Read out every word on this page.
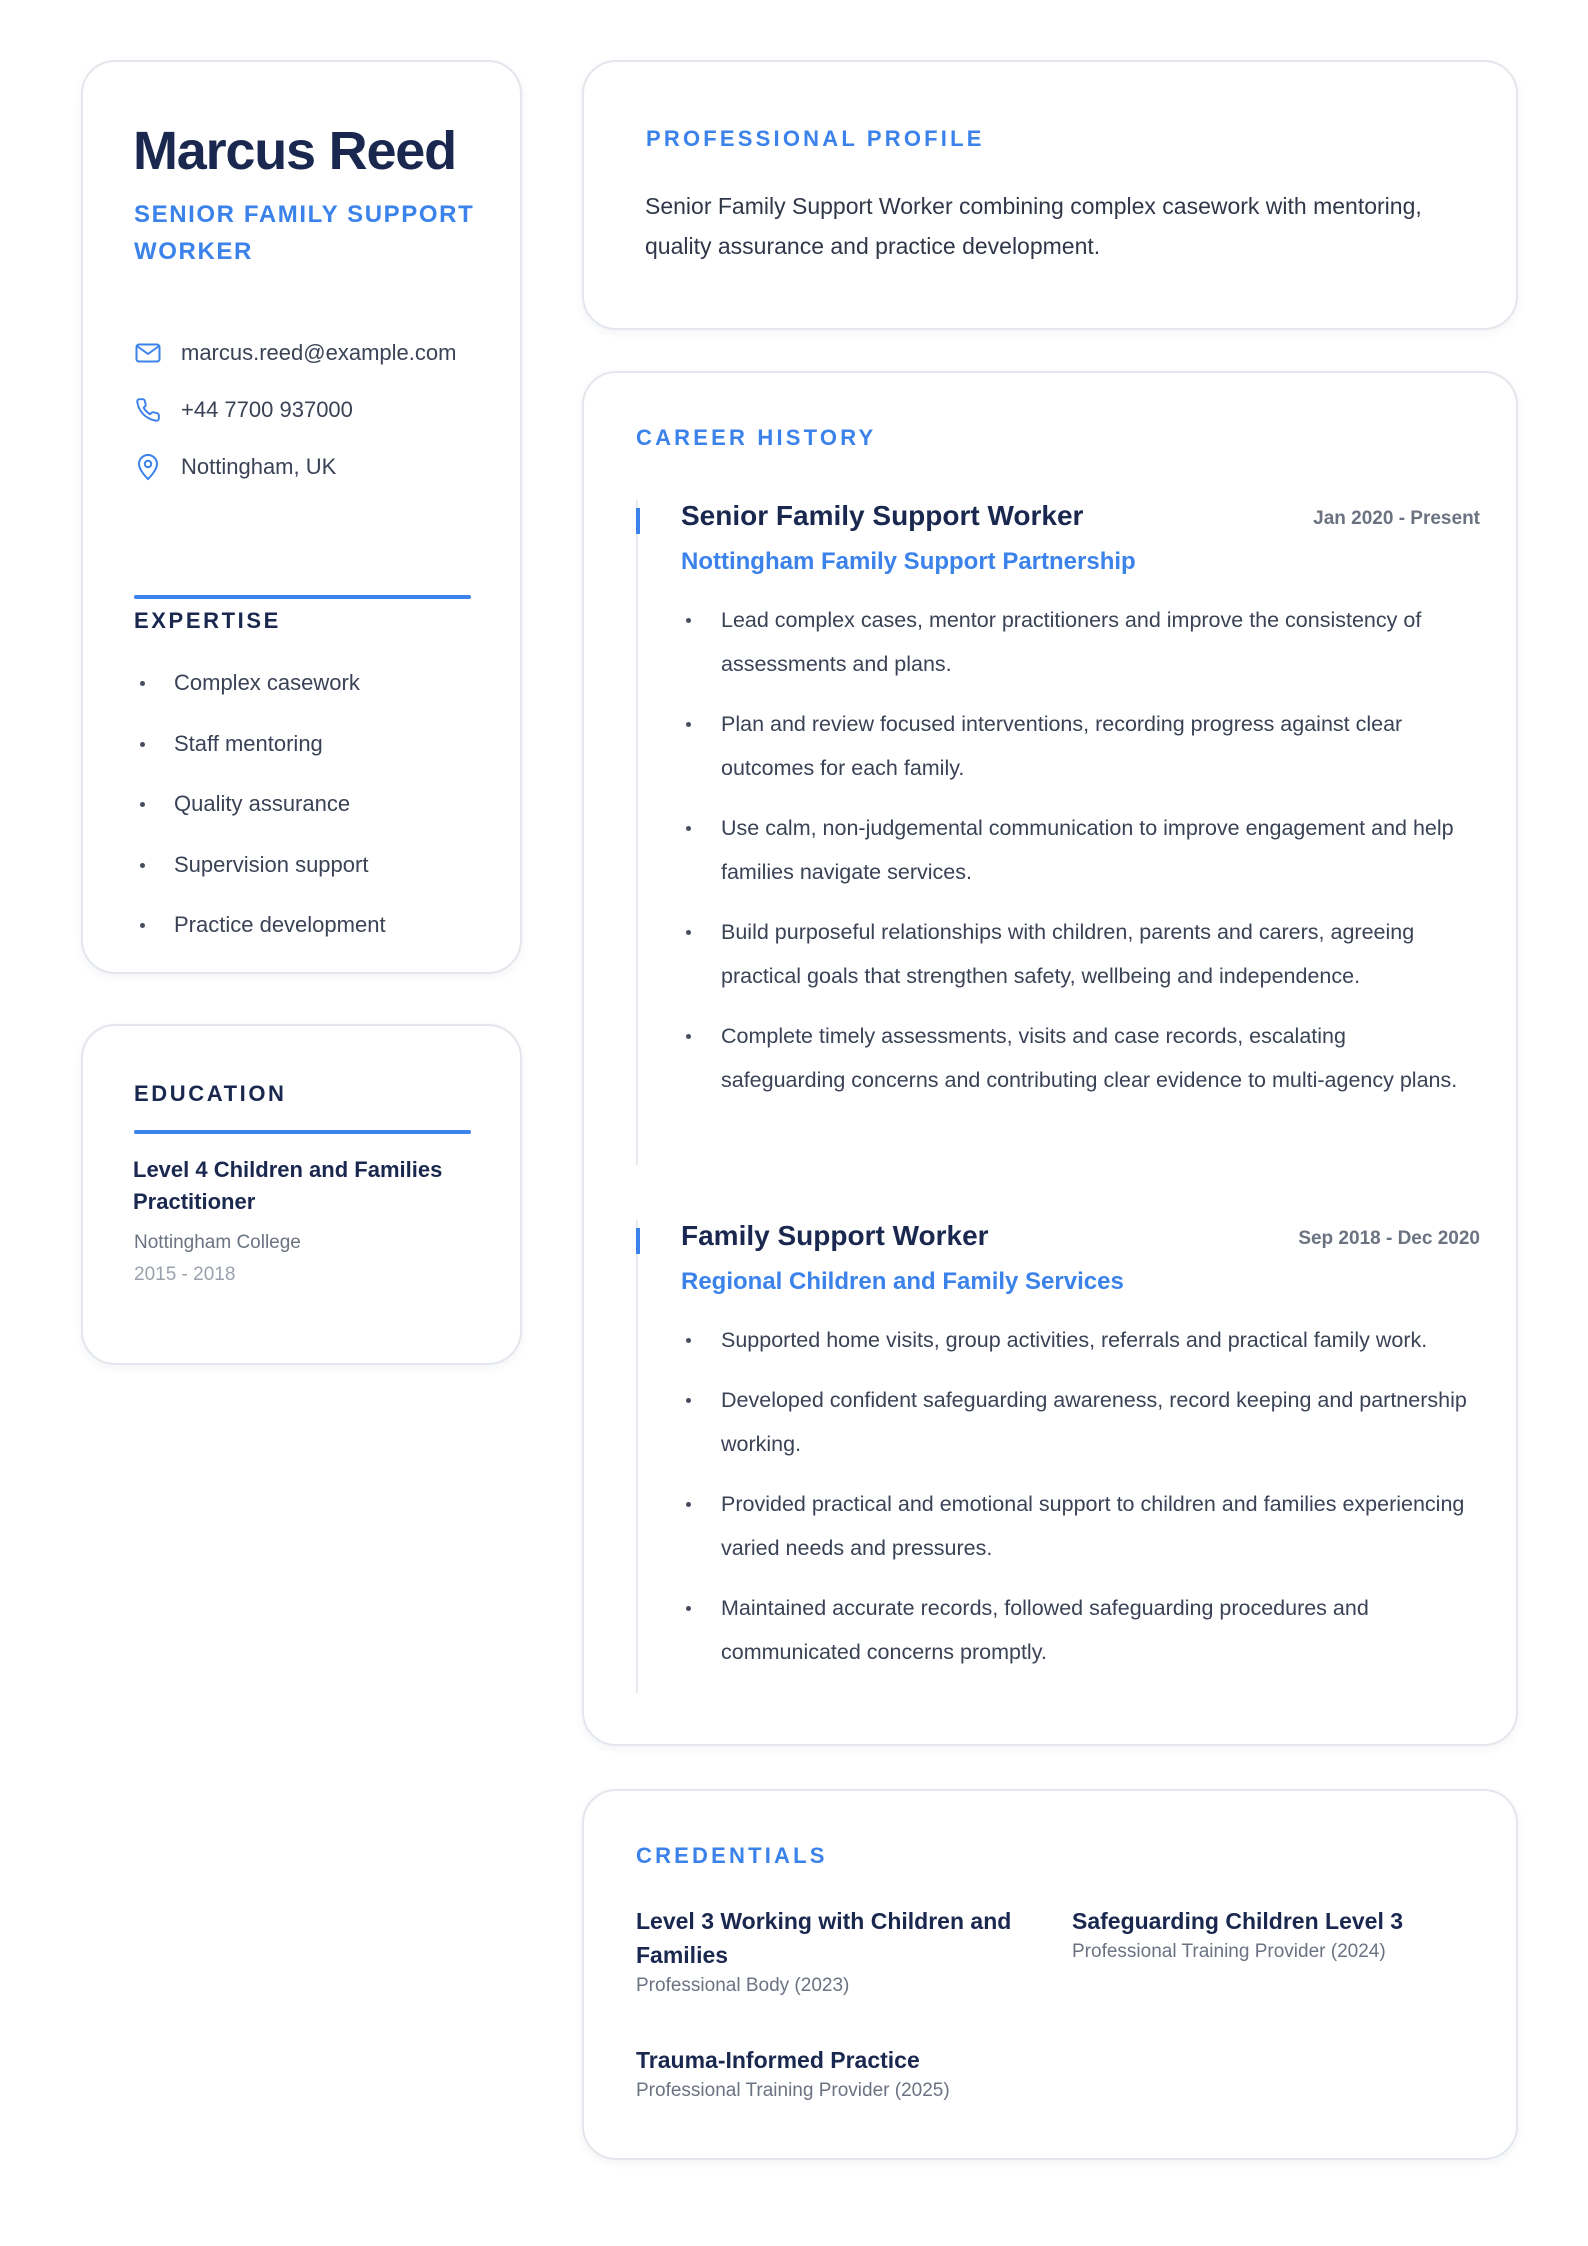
Marcus Reed
SENIOR FAMILY SUPPORT WORKER
marcus.reed@example.com
+44 7700 937000
Nottingham, UK
EXPERTISE
Complex casework
Staff mentoring
Quality assurance
Supervision support
Practice development
EDUCATION
Level 4 Children and Families Practitioner
Nottingham College
2015 - 2018
PROFESSIONAL PROFILE

Senior Family Support Worker combining complex casework with mentoring, quality assurance and practice development.

CAREER HISTORY
Senior Family Support Worker	Jan 2020 - Present
Nottingham Family Support Partnership
Lead complex cases, mentor practitioners and improve the consistency of assessments and plans.
Plan and review focused interventions, recording progress against clear outcomes for each family.
Use calm, non-judgemental communication to improve engagement and help families navigate services.
Build purposeful relationships with children, parents and carers, agreeing practical goals that strengthen safety, wellbeing and independence.
Complete timely assessments, visits and case records, escalating safeguarding concerns and contributing clear evidence to multi-agency plans.
Family Support Worker	Sep 2018 - Dec 2020
Regional Children and Family Services
Supported home visits, group activities, referrals and practical family work.
Developed confident safeguarding awareness, record keeping and partnership working.
Provided practical and emotional support to children and families experiencing varied needs and pressures.
Maintained accurate records, followed safeguarding procedures and communicated concerns promptly.
CREDENTIALS
Level 3 Working with Children and Families
Professional Body (2023)
Safeguarding Children Level 3
Professional Training Provider (2024)
Trauma-Informed Practice
Professional Training Provider (2025)
